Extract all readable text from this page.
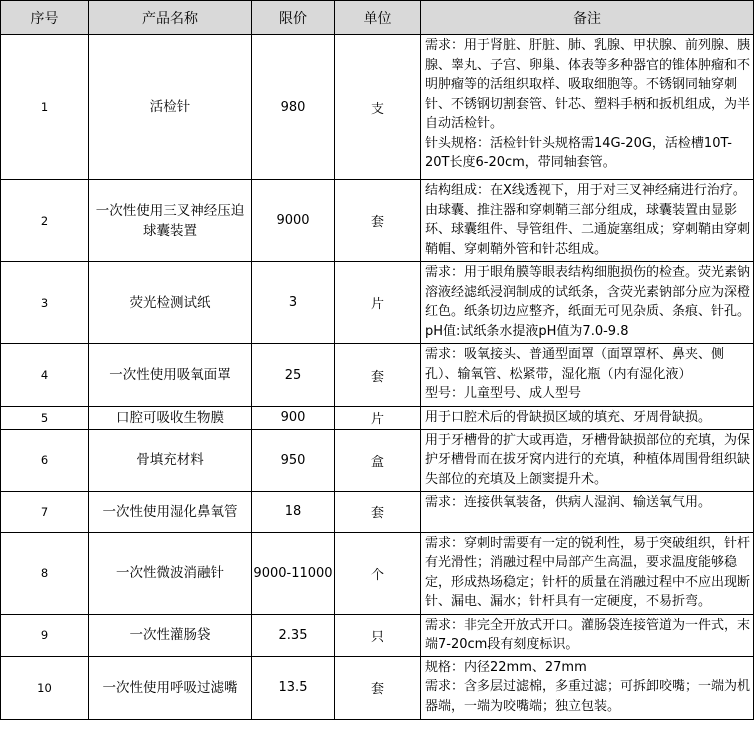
序号	产品名称	限价	单位	备注
1	活检针	980	支	需求：用于肾脏、肝脏、肺、乳腺、甲状腺、前列腺、胰腺、睾丸、子宫、卵巢、体表等多种器官的锥体肿瘤和不明肿瘤等的活组织取样、吸取细胞等。不锈钢同轴穿刺针、不锈钢切割套管、针芯、塑料手柄和扳机组成，为半自动活检针。
针头规格：活检针针头规格需14G-20G，活检槽10T-20T长度6-20cm，带同轴套管。

2	一次性使用三叉神经压迫球囊装置	9000	套	结构组成：在X线透视下，用于对三叉神经痛进行治疗。由球囊、推注器和穿刺鞘三部分组成，球囊装置由显影环、球囊组件、导管组件、二通旋塞组成；穿刺鞘由穿刺鞘帽、穿刺鞘外管和针芯组成。

3	荧光检测试纸	3	片	需求：用于眼角膜等眼表结构细胞损伤的检查。荧光素钠溶液经滤纸浸润制成的试纸条，含荧光素钠部分应为深橙红色。纸条切边应整齐，纸面无可见杂质、条痕、针孔。pH值:试纸条水提液pH值为7.0-9.8

4	一次性使用吸氧面罩	25	套	需求：吸氧接头、普通型面罩（面罩罩杯、鼻夹、侧孔）、输氧管、松紧带，湿化瓶（内有湿化液）
型号：儿童型号、成人型号

5	口腔可吸收生物膜	900	片	用于口腔术后的骨缺损区域的填充、牙周骨缺损。

6	骨填充材料	950	盒	用于牙槽骨的扩大或再造，牙槽骨缺损部位的充填，为保护牙槽骨而在拔牙窝内进行的充填，种植体周围骨组织缺失部位的充填及上颌窦提升术。

7	一次性使用湿化鼻氧管	18	套	需求：连接供氧装备，供病人湿润、输送氧气用。

8	一次性微波消融针	9000-11000	个	需求：穿刺时需要有一定的锐利性，易于突破组织，针杆有光滑性；消融过程中局部产生高温，要求温度能够稳定，形成热场稳定；针杆的质量在消融过程中不应出现断针、漏电、漏水；针杆具有一定硬度，不易折弯。

9	一次性灌肠袋	2.35	只	需求：非完全开放式开口。灌肠袋连接管道为一件式，末端7-20cm段有刻度标识。

10	一次性使用呼吸过滤嘴	13.5	套	规格：内径22mm、27mm
需求：含多层过滤棉，多重过滤；可拆卸咬嘴；一端为机器端，一端为咬嘴端；独立包装。
